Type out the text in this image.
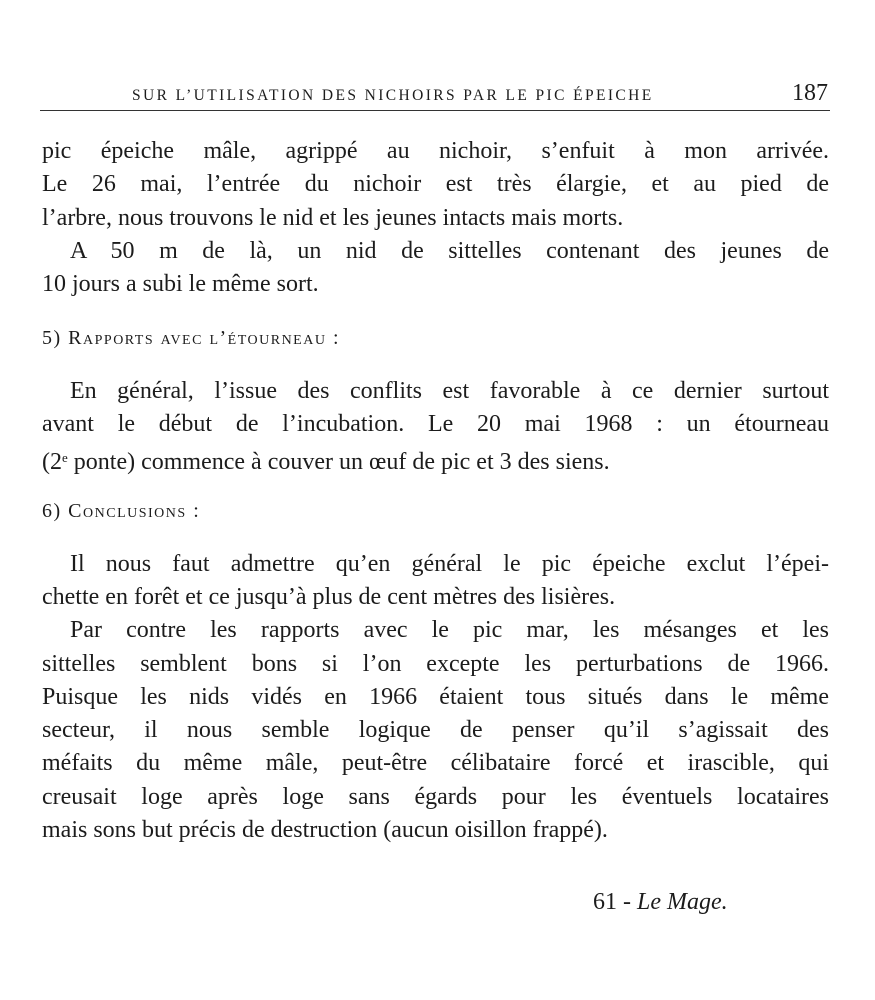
SUR L’UTILISATION DES NICHOIRS PAR LE PIC ÉPEICHE	187
pic épeiche mâle, agrippé au nichoir, s’enfuit à mon arrivée.
Le 26 mai, l’entrée du nichoir est très élargie, et au pied de
l’arbre, nous trouvons le nid et les jeunes intacts mais morts.
A 50 m de là, un nid de sittelles contenant des jeunes de
10 jours a subi le même sort.
5) Rapports avec l’étourneau :
En général, l’issue des conflits est favorable à ce dernier surtout
avant le début de l’incubation. Le 20 mai 1968 : un étourneau
(2e ponte) commence à couver un œuf de pic et 3 des siens.
6) Conclusions :
Il nous faut admettre qu’en général le pic épeiche exclut l’épei-
chette en forêt et ce jusqu’à plus de cent mètres des lisières.
Par contre les rapports avec le pic mar, les mésanges et les
sittelles semblent bons si l’on excepte les perturbations de 1966.
Puisque les nids vidés en 1966 étaient tous situés dans le même
secteur, il nous semble logique de penser qu’il s’agissait des
méfaits du même mâle, peut-être célibataire forcé et irascible, qui
creusait loge après loge sans égards pour les éventuels locataires
mais sons but précis de destruction (aucun oisillon frappé).
61 - Le Mage.
